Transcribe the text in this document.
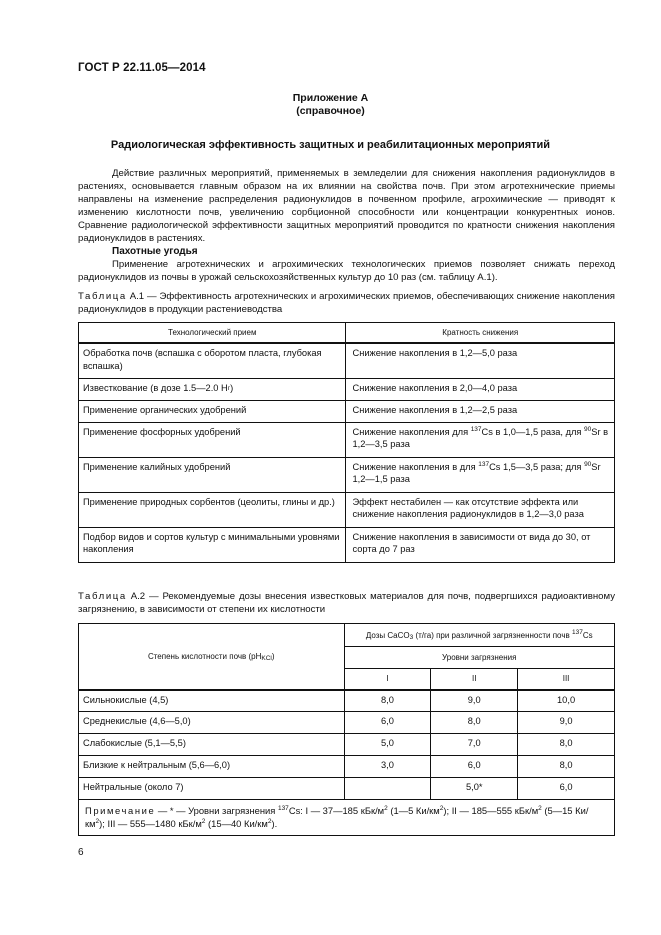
ГОСТ Р 22.11.05—2014
Приложение А
(справочное)
Радиологическая эффективность защитных и реабилитационных мероприятий

Действие различных мероприятий, применяемых в земледелии для снижения накопления радионуклидов в растениях, основывается главным образом на их влиянии на свойства почв. При этом агротехнические приемы направлены на изменение распределения радионуклидов в почвенном профиле, агрохимические — приводят к изменению кислотности почв, увеличению сорбционной способности или концентрации конкурентных ионов. Сравнение радиологической эффективности защитных мероприятий проводится по кратности снижения накопления радионуклидов в растениях.

Пахотные угодья

Применение агротехнических и агрохимических технологических приемов позволяет снижать переход радионуклидов из почвы в урожай сельскохозяйственных культур до 10 раз (см. таблицу А.1).

Таблица А.1 — Эффективность агротехнических и агрохимических приемов, обеспечивающих снижение накопления радионуклидов в продукции растениеводства
Технологический прием	Кратность снижения
Обработка почв (вспашка с оборотом пласта, глубокая вспашка)	Снижение накопления в 1,2—5,0 раза
Известкование (в дозе 1.5—2.0 $H_г$)	Снижение накопления в 2,0—4,0 раза
Применение органических удобрений	Снижение накопления в 1,2—2,5 раза
Применение фосфорных удобрений	Снижение накопления для $^{137}$Cs в 1,0—1,5 раза, для $^{90}$Sr в 1,2—3,5 раза
Применение калийных удобрений	Снижение накопления в для $^{137}$Cs 1,5—3,5 раза; для $^{90}$Sr 1,2—1,5 раза
Применение природных сорбентов (цеолиты, глины и др.)	Эффект нестабилен — как отсутствие эффекта или снижение накопления радионуклидов в 1,2—3,0 раза
Подбор видов и сортов культур с минимальными уровнями накопления	Снижение накопления в зависимости от вида до 30, от сорта до 7 раз
Таблица А.2 — Рекомендуемые дозы внесения известковых материалов для почв, подвергшихся радиоактивному загрязнению, в зависимости от степени их кислотности
Степень кислотности почв $(pH_{KCl})$	Дозы CaCO$_3$ (т/га) при различной загрязненности почв $^{137}$Cs		
	Уровни загрязнения		
	I	II	III
Сильнокислые (4,5)	8,0	9,0	10,0
Среднекислые (4,6—5,0)	6,0	8,0	9,0
Слабокислые (5,1—5,5)	5,0	7,0	8,0
Близкие к нейтральным (5,6—6,0)	3,0	6,0	8,0
Нейтральные (около 7)		5,0*	6,0
Примечание — * — Уровни загрязнения $^{137}$Cs: I — 37—185 кБк/$м^2$ (1—5 $Ки/км^2$); II — 185—555 кБк/$м^2$ (5—15 $Ки/км^2$); III — 555—1480 кБк/$м^2$ (15—40 $Ки/км^2$).			
6
